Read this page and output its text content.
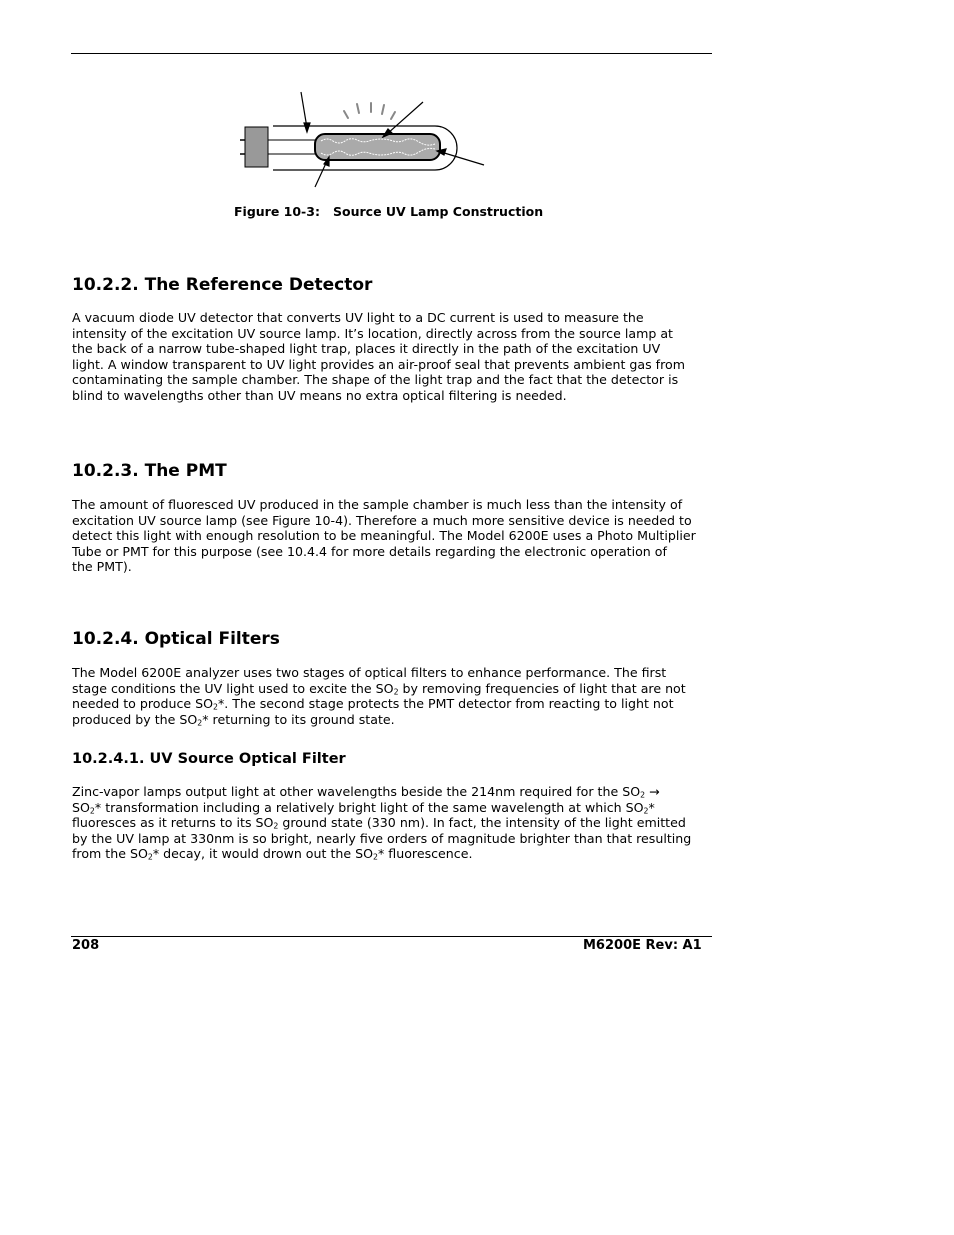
Figure 10-3: Source UV Lamp Construction
10.2.2. The Reference Detector
A vacuum diode UV detector that converts UV light to a DC current is used to measure the
intensity of the excitation UV source lamp. It’s location, directly across from the source lamp at
the back of a narrow tube-shaped light trap, places it directly in the path of the excitation UV
light. A window transparent to UV light provides an air-proof seal that prevents ambient gas from
contaminating the sample chamber. The shape of the light trap and the fact that the detector is
blind to wavelengths other than UV means no extra optical filtering is needed.
10.2.3. The PMT
The amount of fluoresced UV produced in the sample chamber is much less than the intensity of
excitation UV source lamp (see Figure 10-4). Therefore a much more sensitive device is needed to
detect this light with enough resolution to be meaningful. The Model 6200E uses a Photo Multiplier
Tube or PMT for this purpose (see 10.4.4 for more details regarding the electronic operation of
the PMT).
10.2.4. Optical Filters
The Model 6200E analyzer uses two stages of optical filters to enhance performance. The first
stage conditions the UV light used to excite the $SO_2$ by removing frequencies of light that are not
needed to produce $SO_2*$. The second stage protects the PMT detector from reacting to light not
produced by the $SO_2*$ returning to its ground state.
10.2.4.1. UV Source Optical Filter
Zinc-vapor lamps output light at other wavelengths beside the 214nm required for the $SO_2$ →
$SO_2*$ transformation including a relatively bright light of the same wavelength at which $SO_2*$
fluoresces as it returns to its $SO_2$ ground state (330 nm). In fact, the intensity of the light emitted
by the UV lamp at 330nm is so bright, nearly five orders of magnitude brighter than that resulting
from the $SO_2*$ decay, it would drown out the $SO_2*$ fluorescence.
208	M6200E Rev: A1
